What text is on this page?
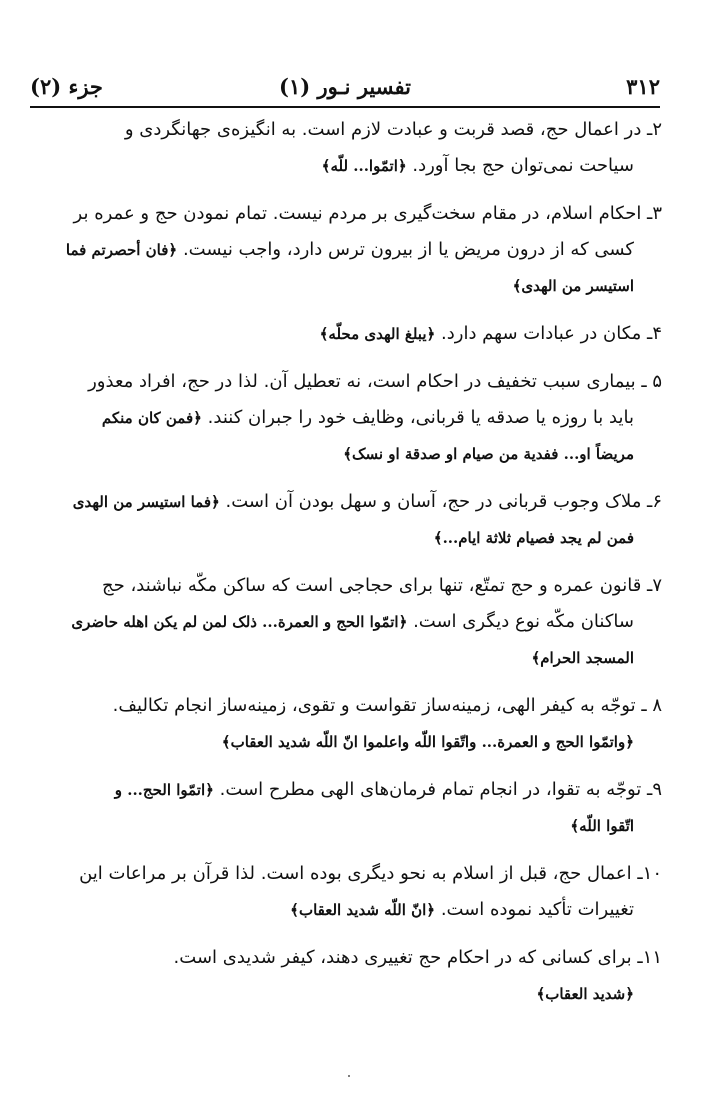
۳۱۲
تفسیر نـور (۱)
جزء (۲)
۲ـ در اعمال حج، قصد قربت و عبادت لازم است. به انگیزه‌ی جهانگردی و
سیاحت نمی‌توان حج بجا آورد. ﴿اتمّوا... للّه﴾
۳ـ احکام اسلام، در مقام سخت‌گیری بر مردم نیست. تمام نمودن حج و عمره بر
کسی که از درون مریض یا از بیرون ترس دارد، واجب نیست. ﴿فان أحصرتم فما
استیسر من الهدی﴾
۴ـ مکان در عبادات سهم دارد. ﴿یبلغ الهدی محلّه﴾
۵ ـ بیماری سبب تخفیف در احکام است، نه تعطیل آن. لذا در حج، افراد معذور
باید با روزه یا صدقه یا قربانی، وظایف خود را جبران کنند. ﴿فمن کان منکم
مریضاً او... ففدیة من صیام او صدقة او نسک﴾
۶ـ ملاک وجوب قربانی در حج، آسان و سهل بودن آن است. ﴿فما استیسر من الهدی
فمن لم یجد فصیام ثلاثة ایام...﴾
۷ـ قانون عمره و حج تمتّع، تنها برای حجاجی است که ساکن مکّه نباشند، حج
ساکنان مکّه نوع دیگری است. ﴿اتمّوا الحج و العمرة... ذلک لمن لم یکن اهله حاضری
المسجد الحرام﴾
۸ ـ توجّه به کیفر الهی، زمینه‌ساز تقواست و تقوی، زمینه‌ساز انجام تکالیف.
﴿واتمّوا الحج و العمرة... واتّقوا اللّه واعلموا انّ اللّه شدید العقاب﴾
۹ـ توجّه به تقوا، در انجام تمام فرمان‌های الهی مطرح است. ﴿اتمّوا الحج... و
اتّقوا اللّه﴾
۱۰ـ اعمال حج، قبل از اسلام به نحو دیگری بوده است. لذا قرآن بر مراعات این
تغییرات تأکید نموده است. ﴿انّ اللّه شدید العقاب﴾
۱۱ـ برای کسانی که در احکام حج تغییری دهند، کیفر شدیدی است.
﴿شدید العقاب﴾
